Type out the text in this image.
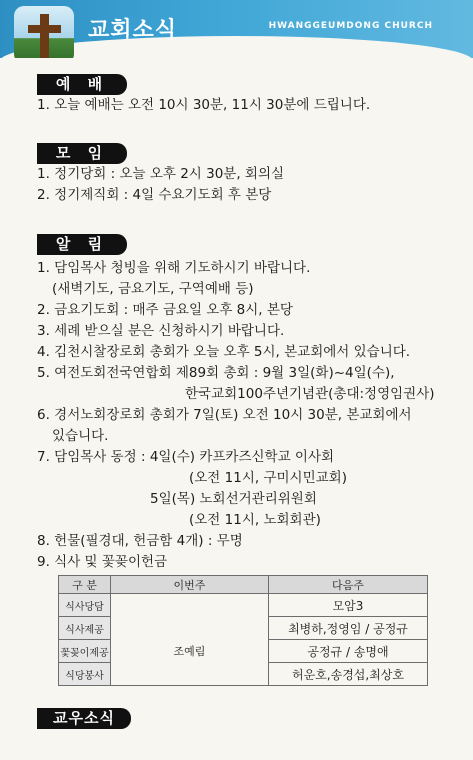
교회소식	HWANGGEUMDONG CHURCH
예 배
1. 오늘 예배는 오전 10시 30분, 11시 30분에 드립니다.
모 임
1. 정기당회 : 오늘 오후 2시 30분, 회의실
2. 정기제직회 : 4일 수요기도회 후 본당
알 림
1. 담임목사 청빙을 위해 기도하시기 바랍니다.
(새벽기도, 금요기도, 구역예배 등)
2. 금요기도회 : 매주 금요일 오후 8시, 본당
3. 세례 받으실 분은 신청하시기 바랍니다.
4. 김천시찰장로회 총회가 오늘 오후 5시, 본교회에서 있습니다.
5. 여전도회전국연합회 제89회 총회 : 9월 3일(화)~4일(수),
한국교회100주년기념관(총대:정영임권사)
6. 경서노회장로회 총회가 7일(토) 오전 10시 30분, 본교회에서
있습니다.
7. 담임목사 동정 : 4일(수) 카프카즈신학교 이사회
(오전 11시, 구미시민교회)
5일(목) 노회선거관리위원회
(오전 11시, 노회회관)
8. 헌물(필경대, 헌금함 4개) : 무명
9. 식사 및 꽃꽂이헌금
구 분	이번주	다음주
식사당담		모암3
식사제공		최병하,정영임 / 공정규
꽃꽂이제공	조예림	공정규 / 송명애
식당봉사		허운호,송경섭,최상호
교우소식
